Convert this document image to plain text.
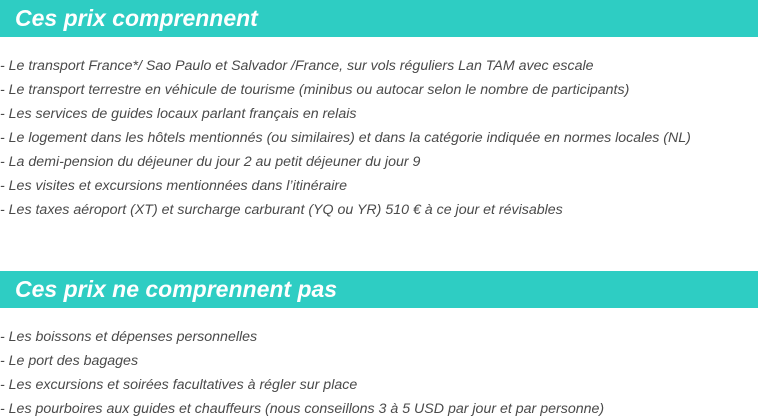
Ces prix comprennent
- Le transport France*/ Sao Paulo et Salvador /France, sur vols réguliers Lan TAM avec escale
- Le transport terrestre en véhicule de tourisme (minibus ou autocar selon le nombre de participants)
- Les services de guides locaux parlant français en relais
- Le logement dans les hôtels mentionnés (ou similaires) et dans la catégorie indiquée en normes locales (NL)
- La demi-pension du déjeuner du jour 2 au petit déjeuner du jour 9
- Les visites et excursions mentionnées dans l’itinéraire
- Les taxes aéroport (XT) et surcharge carburant (YQ ou YR) 510 € à ce jour et révisables
Ces prix ne comprennent pas
- Les boissons et dépenses personnelles
- Le port des bagages
- Les excursions et soirées facultatives à régler sur place
- Les pourboires aux guides et chauffeurs (nous conseillons 3 à 5 USD par jour et par personne)
